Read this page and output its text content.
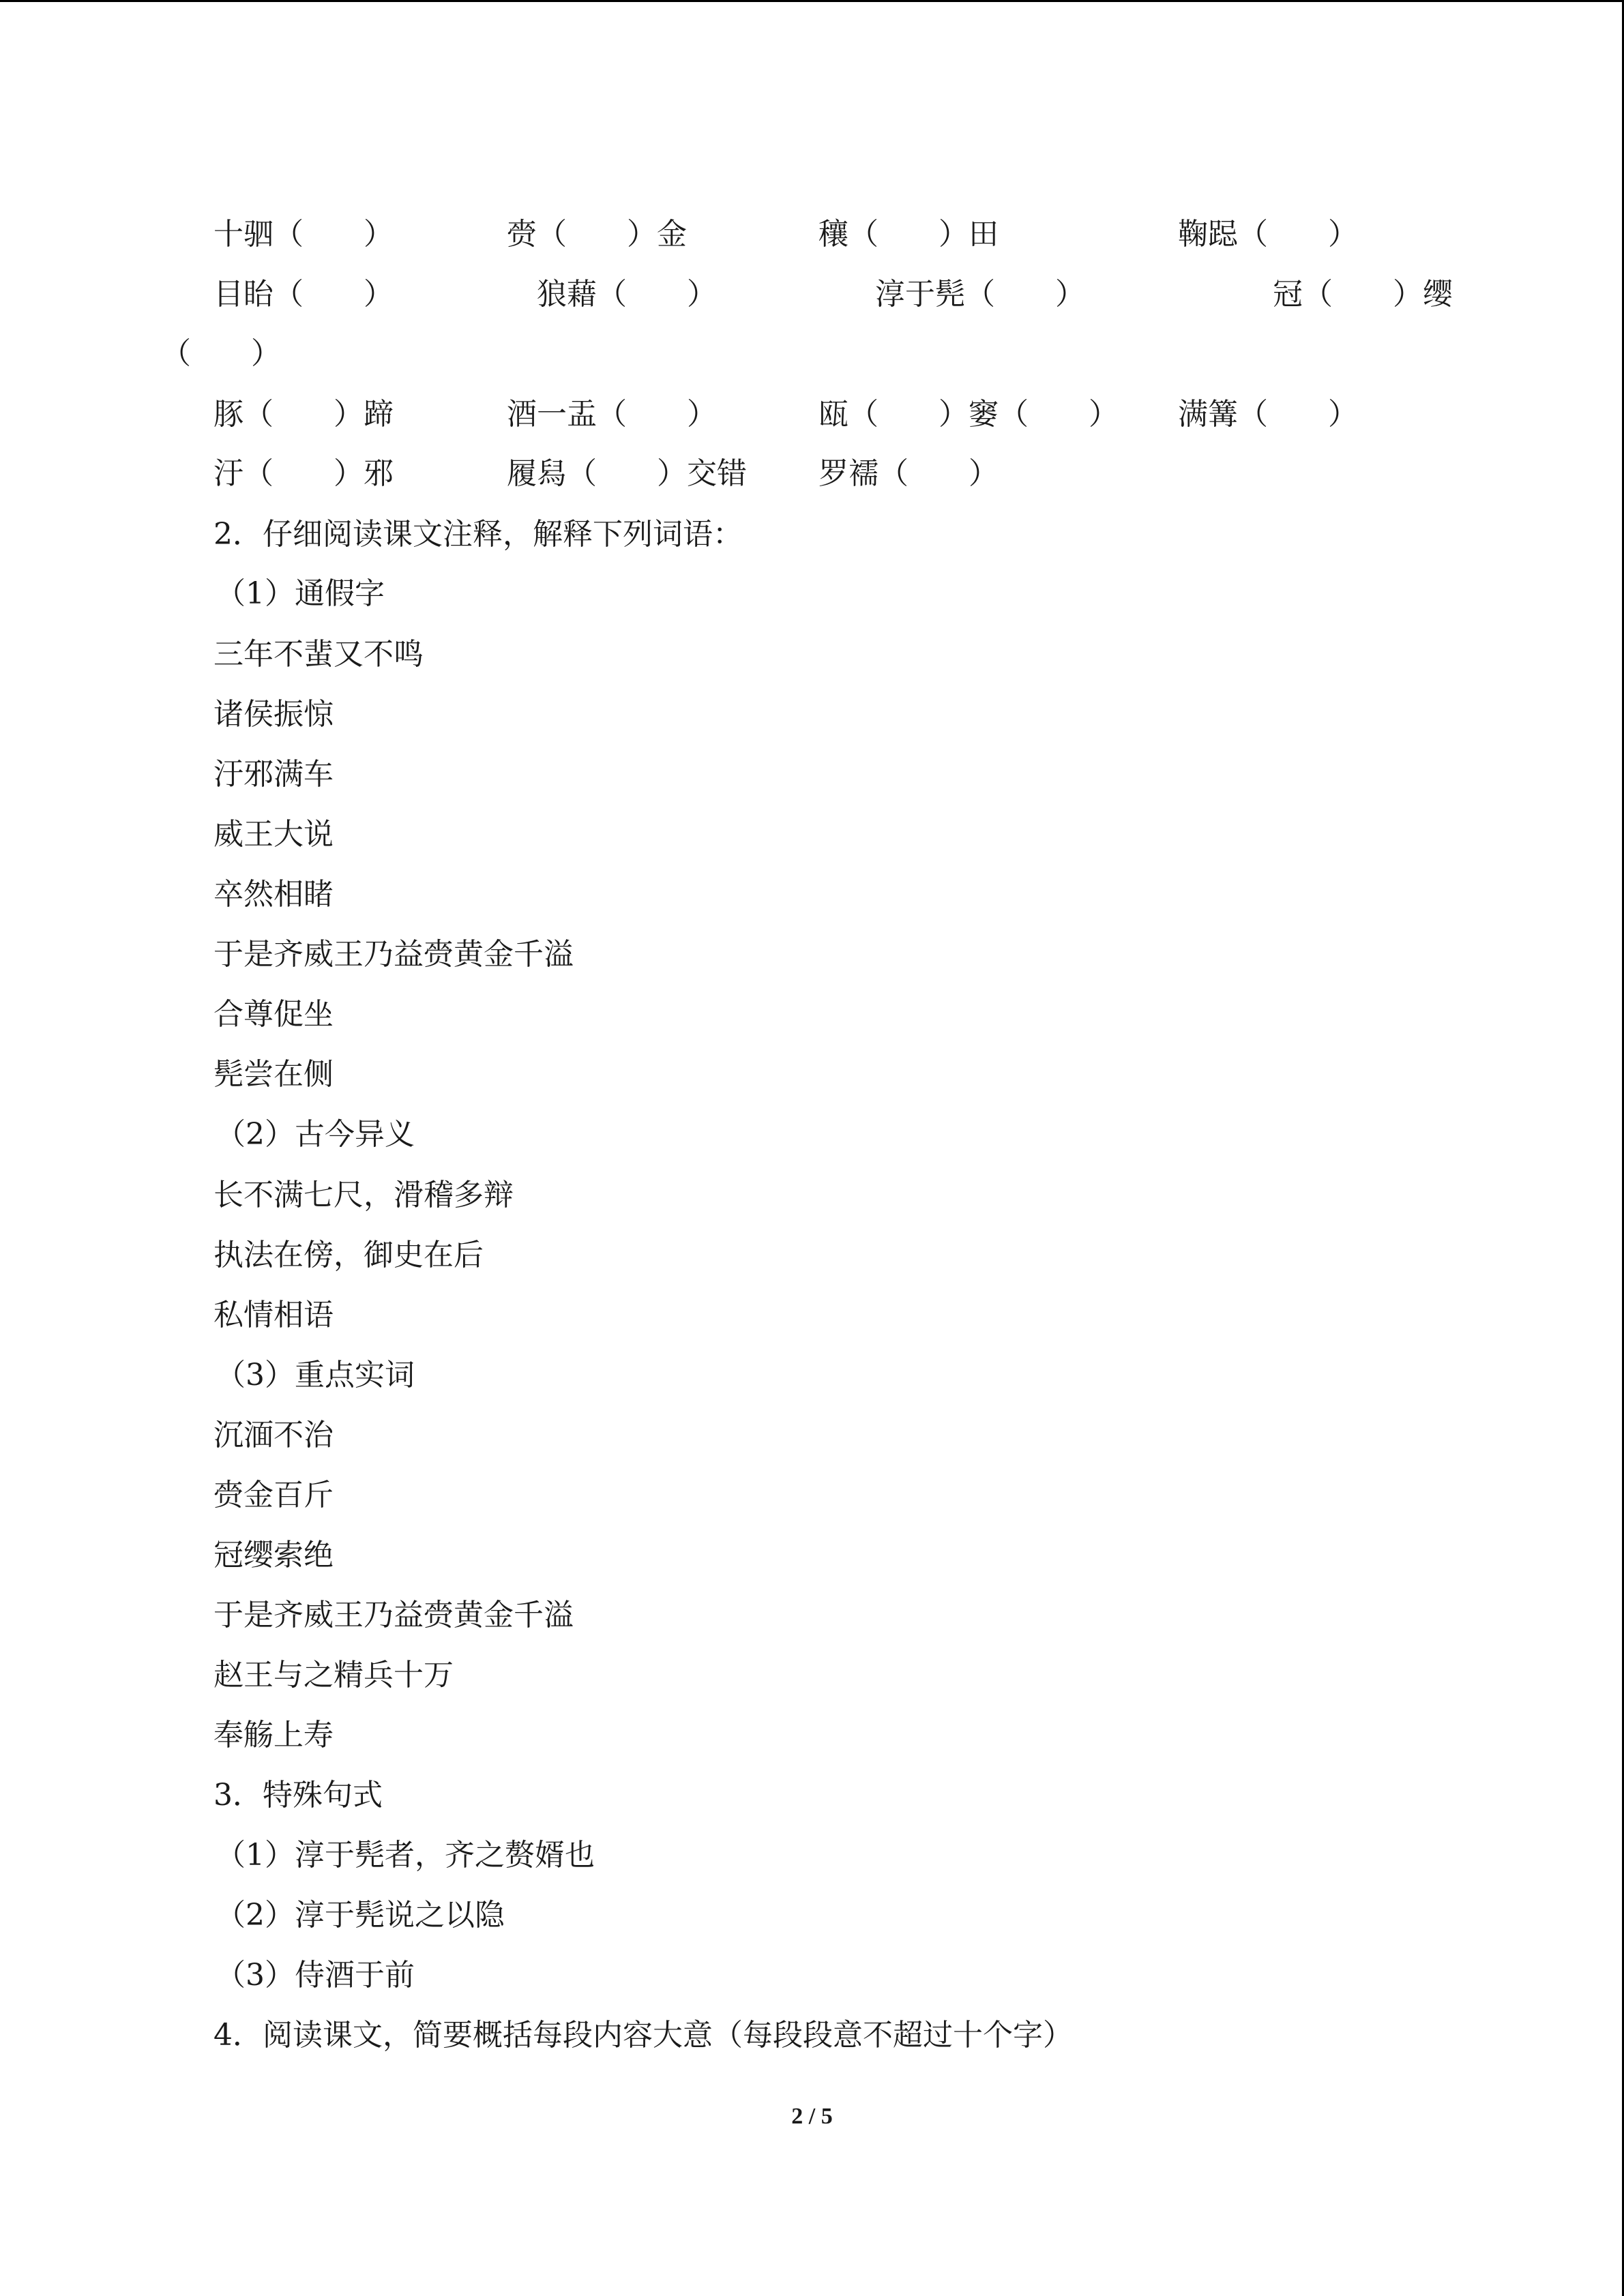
十驷（　　）	赍（　　）金	穰（　　）田	鞠跽（　　）
目眙（　　）	狼藉（　　）	淳于髡（　　）	冠（　　）缨
（　　）
豚（　　）蹄	酒一盂（　　）	瓯（　　）窭（　　） 满篝（　　）
汙（　　）邪	履舄（　　）交错 罗襦（　　）
2．仔细阅读课文注释，解释下列词语：
（1）通假字
三年不蜚又不鸣
诸侯振惊
汙邪满车
威王大说
卒然相睹
于是齐威王乃益赍黄金千溢
合尊促坐
髡尝在侧
（2）古今异义
长不满七尺，滑稽多辩
执法在傍，御史在后
私情相语
（3）重点实词
沉湎不治
赍金百斤
冠缨索绝
于是齐威王乃益赍黄金千溢
赵王与之精兵十万
奉觞上寿
3．特殊句式
（1）淳于髡者，齐之赘婿也
（2）淳于髡说之以隐
（3）侍酒于前
4．阅读课文，简要概括每段内容大意（每段段意不超过十个字）
2 / 5
